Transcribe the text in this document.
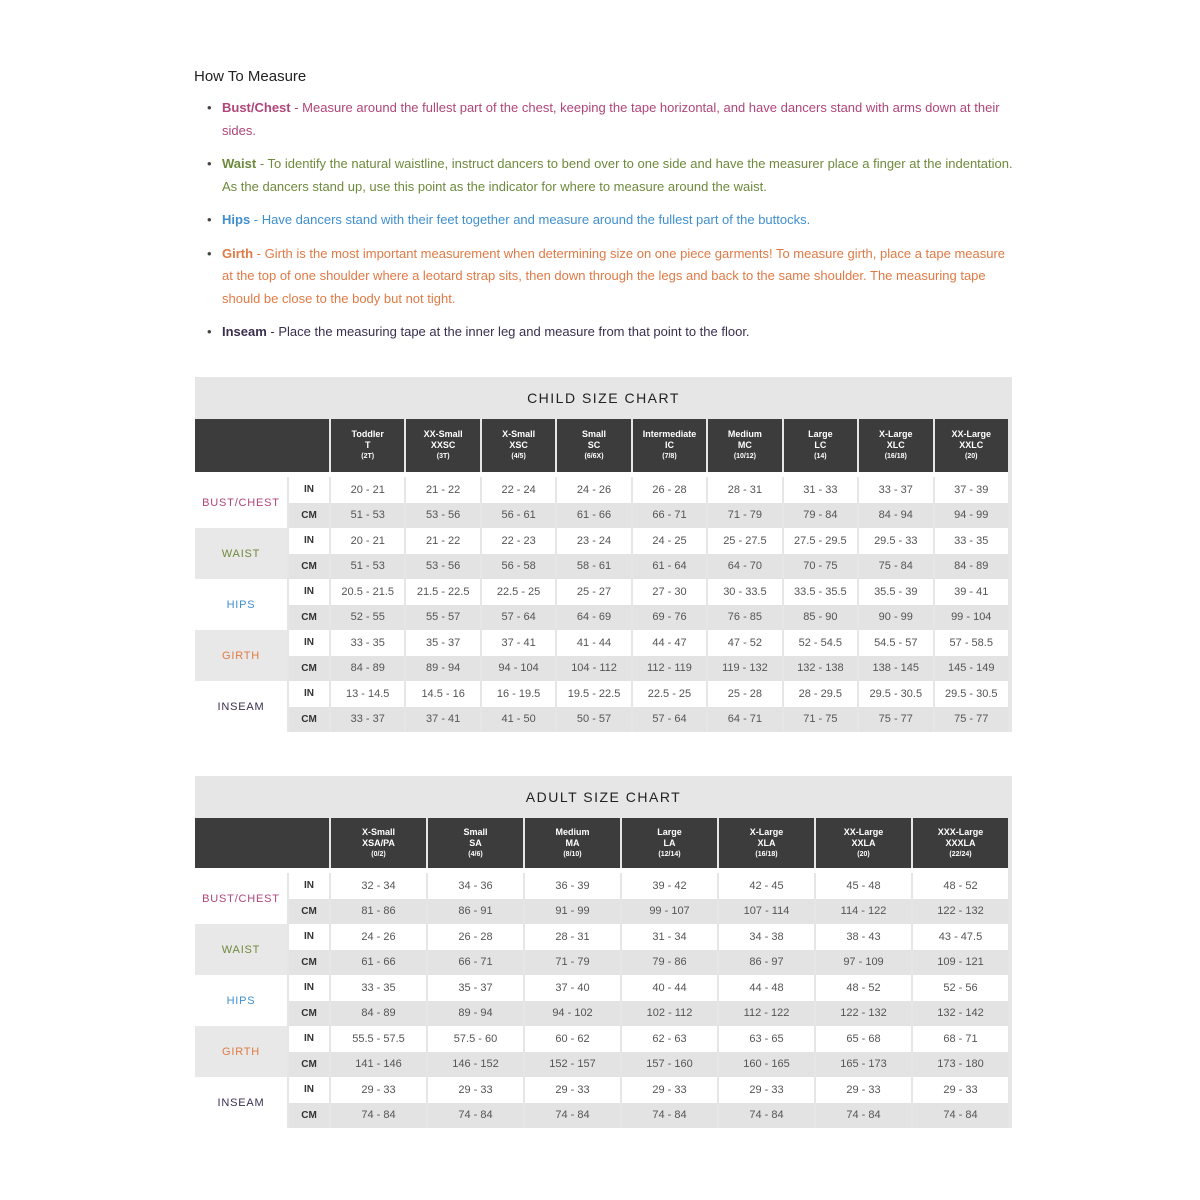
How To Measure
• Bust/Chest - Measure around the fullest part of the chest, keeping the tape horizontal, and have dancers stand with arms down at their sides.
• Waist - To identify the natural waistline, instruct dancers to bend over to one side and have the measurer place a finger at the indentation. As the dancers stand up, use this point as the indicator for where to measure around the waist.
• Hips - Have dancers stand with their feet together and measure around the fullest part of the buttocks.
• Girth - Girth is the most important measurement when determining size on one piece garments! To measure girth, place a tape measure at the top of one shoulder where a leotard strap sits, then down through the legs and back to the same shoulder. The measuring tape should be close to the body but not tight.
• Inseam - Place the measuring tape at the inner leg and measure from that point to the floor.
CHILD SIZE CHART

		Toddler
T
(2T)	XX-Small
XXSC
(3T)	X-Small
XSC
(4/5)	Small
SC
(6/6X)	Intermediate
IC
(7/8)	Medium
MC
(10/12)	Large
LC
(14)	X-Large
XLC
(16/18)	XX-Large
XXLC
(20)

BUST/CHEST	IN	20 - 21	21 - 22	22 - 24	24 - 26	26 - 28	28 - 31	31 - 33	33 - 37	37 - 39
	CM	51 - 53	53 - 56	56 - 61	61 - 66	66 - 71	71 - 79	79 - 84	84 - 94	94 - 99
WAIST	IN	20 - 21	21 - 22	22 - 23	23 - 24	24 - 25	25 - 27.5	27.5 - 29.5	29.5 - 33	33 - 35
	CM	51 - 53	53 - 56	56 - 58	58 - 61	61 - 64	64 - 70	70 - 75	75 - 84	84 - 89
HIPS	IN	20.5 - 21.5	21.5 - 22.5	22.5 - 25	25 - 27	27 - 30	30 - 33.5	33.5 - 35.5	35.5 - 39	39 - 41
	CM	52 - 55	55 - 57	57 - 64	64 - 69	69 - 76	76 - 85	85 - 90	90 - 99	99 - 104
GIRTH	IN	33 - 35	35 - 37	37 - 41	41 - 44	44 - 47	47 - 52	52 - 54.5	54.5 - 57	57 - 58.5
	CM	84 - 89	89 - 94	94 - 104	104 - 112	112 - 119	119 - 132	132 - 138	138 - 145	145 - 149
INSEAM	IN	13 - 14.5	14.5 - 16	16 - 19.5	19.5 - 22.5	22.5 - 25	25 - 28	28 - 29.5	29.5 - 30.5	29.5 - 30.5
	CM	33 - 37	37 - 41	41 - 50	50 - 57	57 - 64	64 - 71	71 - 75	75 - 77	75 - 77
ADULT SIZE CHART

		X-Small
XSA/PA
(0/2)	Small
SA
(4/6)	Medium
MA
(8/10)	Large
LA
(12/14)	X-Large
XLA
(16/18)	XX-Large
XXLA
(20)	XXX-Large
XXXLA
(22/24)

BUST/CHEST	IN	32 - 34	34 - 36	36 - 39	39 - 42	42 - 45	45 - 48	48 - 52
	CM	81 - 86	86 - 91	91 - 99	99 - 107	107 - 114	114 - 122	122 - 132
WAIST	IN	24 - 26	26 - 28	28 - 31	31 - 34	34 - 38	38 - 43	43 - 47.5
	CM	61 - 66	66 - 71	71 - 79	79 - 86	86 - 97	97 - 109	109 - 121
HIPS	IN	33 - 35	35 - 37	37 - 40	40 - 44	44 - 48	48 - 52	52 - 56
	CM	84 - 89	89 - 94	94 - 102	102 - 112	112 - 122	122 - 132	132 - 142
GIRTH	IN	55.5 - 57.5	57.5 - 60	60 - 62	62 - 63	63 - 65	65 - 68	68 - 71
	CM	141 - 146	146 - 152	152 - 157	157 - 160	160 - 165	165 - 173	173 - 180
INSEAM	IN	29 - 33	29 - 33	29 - 33	29 - 33	29 - 33	29 - 33	29 - 33
	CM	74 - 84	74 - 84	74 - 84	74 - 84	74 - 84	74 - 84	74 - 84
